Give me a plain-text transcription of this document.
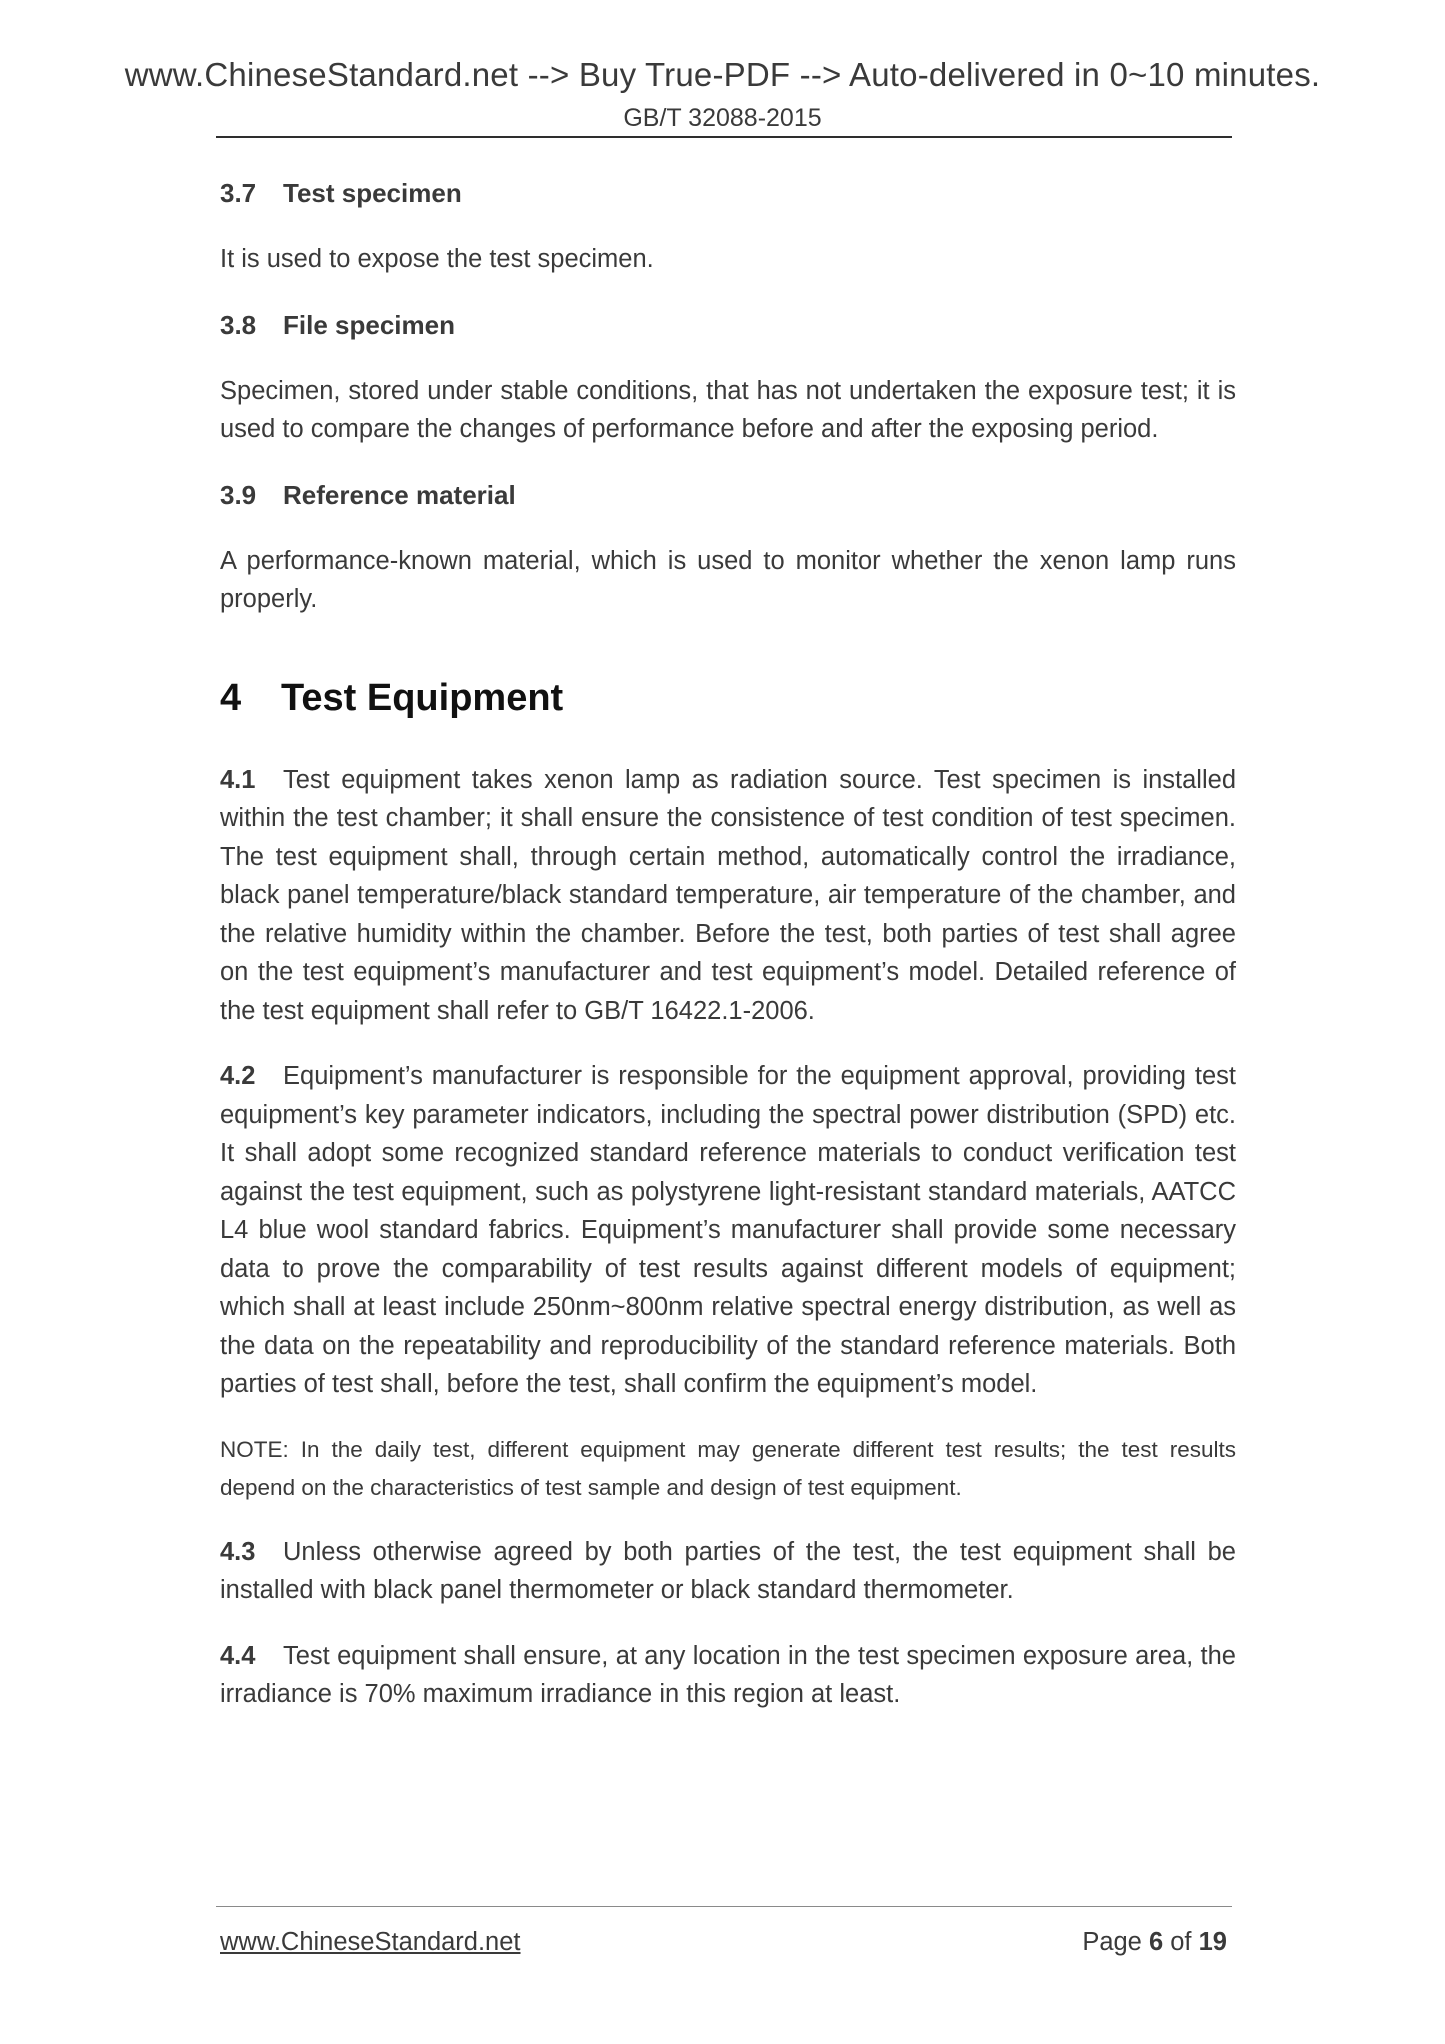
www.ChineseStandard.net --> Buy True-PDF --> Auto-delivered in 0~10 minutes.
GB/T 32088-2015
3.7 Test specimen

It is used to expose the test specimen.

3.8 File specimen

Specimen, stored under stable conditions, that has not undertaken the exposure test; it is used to compare the changes of performance before and after the exposing period.

3.9 Reference material

A performance-known material, which is used to monitor whether the xenon lamp runs properly.

4 Test Equipment

4.1 Test equipment takes xenon lamp as radiation source. Test specimen is installed within the test chamber; it shall ensure the consistence of test condition of test specimen. The test equipment shall, through certain method, automatically control the irradiance, black panel temperature/black standard temperature, air temperature of the chamber, and the relative humidity within the chamber. Before the test, both parties of test shall agree on the test equipment’s manufacturer and test equipment’s model. Detailed reference of the test equipment shall refer to GB/T 16422.1-2006.

4.2 Equipment’s manufacturer is responsible for the equipment approval, providing test equipment’s key parameter indicators, including the spectral power distribution (SPD) etc. It shall adopt some recognized standard reference materials to conduct verification test against the test equipment, such as polystyrene light-resistant standard materials, AATCC L4 blue wool standard fabrics. Equipment’s manufacturer shall provide some necessary data to prove the comparability of test results against different models of equipment; which shall at least include 250nm~800nm relative spectral energy distribution, as well as the data on the repeatability and reproducibility of the standard reference materials. Both parties of test shall, before the test, shall confirm the equipment’s model.

NOTE: In the daily test, different equipment may generate different test results; the test results depend on the characteristics of test sample and design of test equipment.

4.3 Unless otherwise agreed by both parties of the test, the test equipment shall be installed with black panel thermometer or black standard thermometer.

4.4 Test equipment shall ensure, at any location in the test specimen exposure area, the irradiance is 70% maximum irradiance in this region at least.

www.ChineseStandard.net	Page 6 of 19
